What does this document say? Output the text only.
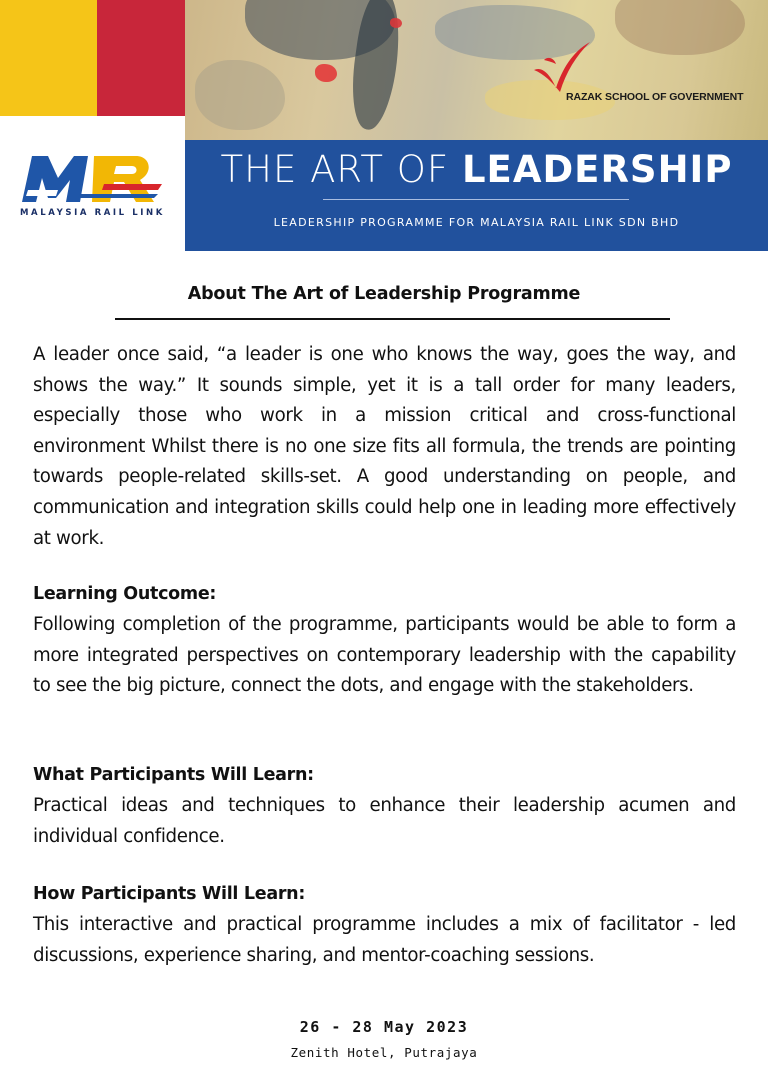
RAZAK SCHOOL OF GOVERNMENT
THE ART OF LEADERSHIP
LEADERSHIP PROGRAMME FOR MALAYSIA RAIL LINK SDN BHD
MALAYSIA RAIL LINK
About The Art of Leadership Programme
A leader once said, “a leader is one who knows the way, goes the way, and shows the way.” It sounds simple, yet it is a tall order for many leaders, especially those who work in a mission critical and cross-functional environment Whilst there is no one size fits all formula, the trends are pointing towards people-related skills-set. A good understanding on people, and communication and integration skills could help one in leading more effectively at work.
Learning Outcome:
Following completion of the programme, participants would be able to form a more integrated perspectives on contemporary leadership with the capability to see the big picture, connect the dots, and engage with the stakeholders.
What Participants Will Learn:
Practical ideas and techniques to enhance their leadership acumen and individual confidence.
How Participants Will Learn:
This interactive and practical programme includes a mix of facilitator - led discussions, experience sharing, and mentor-coaching sessions.
26 - 28 May 2023
Zenith Hotel, Putrajaya
